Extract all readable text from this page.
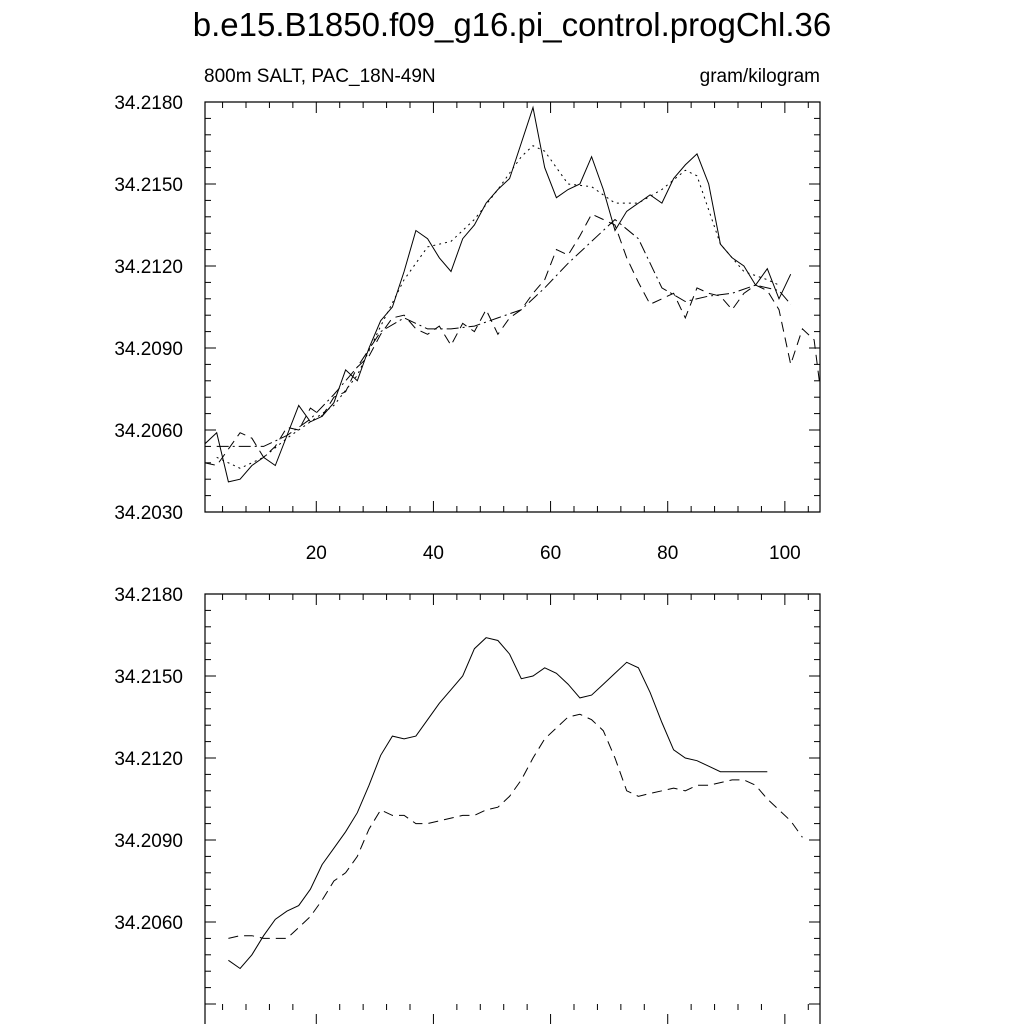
b.e15.B1850.f09_g16.pi_control.progChl.36
800m SALT, PAC_18N-49N	gram/kilogram
34.2030
34.2060
34.2090
34.2120
34.2150
34.2180
20	40	60	80	100
34.2060
34.2090
34.2120
34.2150
34.2180
